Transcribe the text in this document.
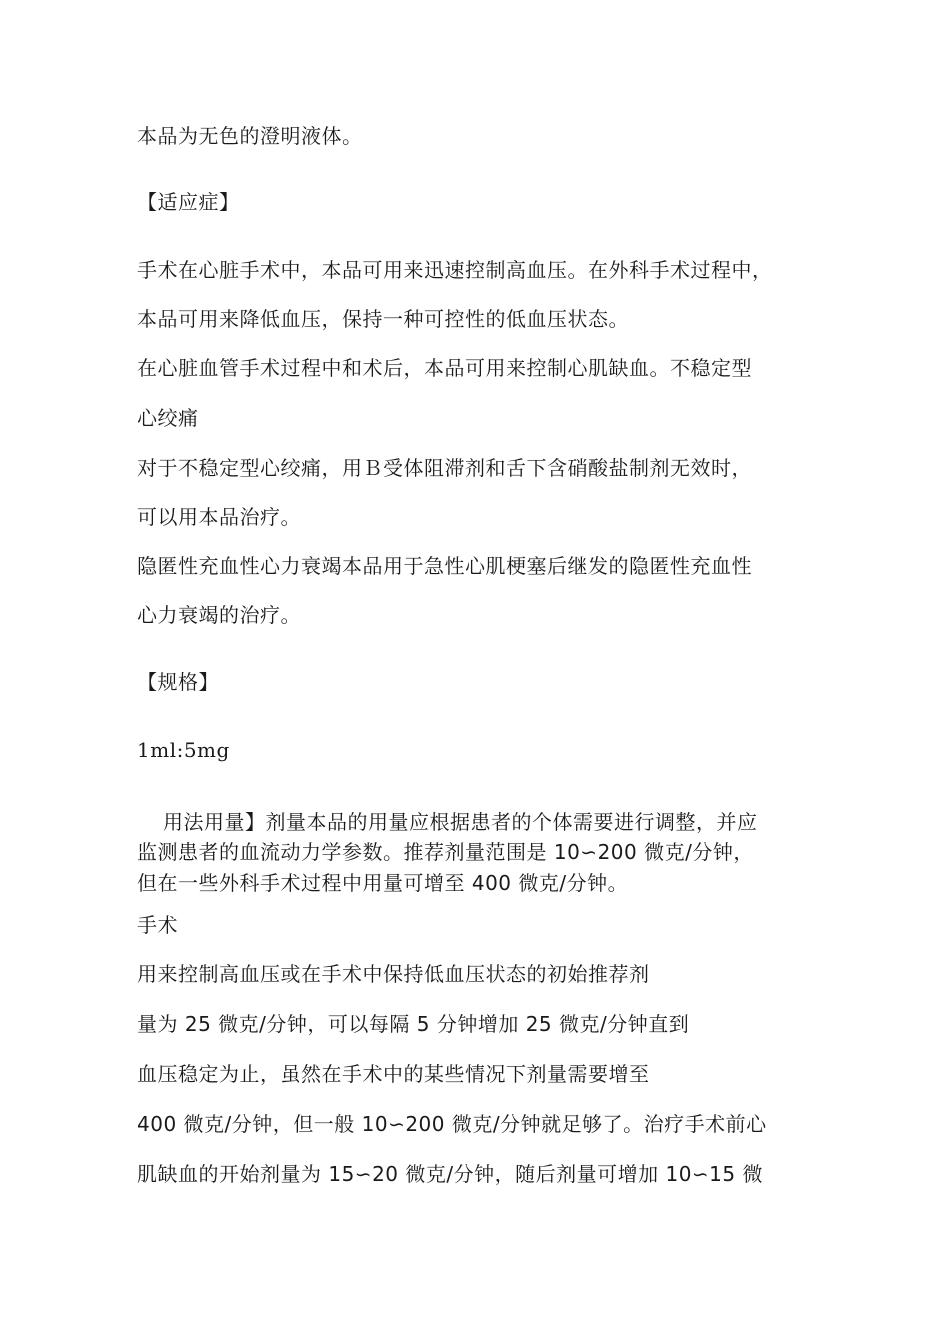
本品为无色的澄明液体。
【适应症】
手术在心脏手术中，本品可用来迅速控制高血压。在外科手术过程中，
本品可用来降低血压，保持一种可控性的低血压状态。
在心脏血管手术过程中和术后，本品可用来控制心肌缺血。不稳定型
心绞痛
对于不稳定型心绞痛，用Ｂ受体阻滞剂和舌下含硝酸盐制剂无效时，
可以用本品治疗。
隐匿性充血性心力衰竭本品用于急性心肌梗塞后继发的隐匿性充血性
心力衰竭的治疗。
【规格】
1ml:5mg
用法用量】剂量本品的用量应根据患者的个体需要进行调整，并应
监测患者的血流动力学参数。推荐剂量范围是 10∽200 微克/分钟，
但在一些外科手术过程中用量可增至 400 微克/分钟。
手术
用来控制高血压或在手术中保持低血压状态的初始推荐剂
量为 25 微克/分钟，可以每隔 5 分钟增加 25 微克/分钟直到
血压稳定为止，虽然在手术中的某些情况下剂量需要增至
400 微克/分钟，但一般 10∽200 微克/分钟就足够了。治疗手术前心
肌缺血的开始剂量为 15∽20 微克/分钟，随后剂量可增加 10∽15 微
